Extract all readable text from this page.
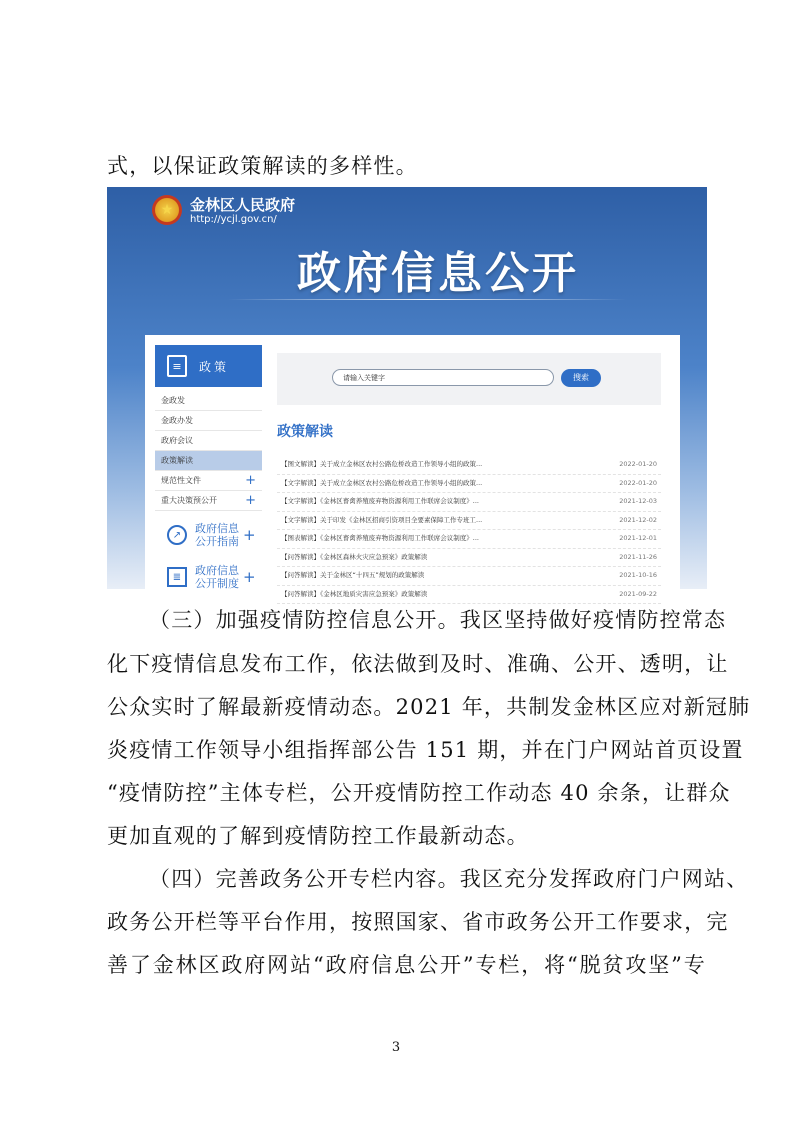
式，以保证政策解读的多样性。
★	金林区人民政府
http://ycjl.gov.cn/
政府信息公开
≡	政策
金政发
金政办发
政府会议
政策解读
规范性文件	+
重大决策预公开 +
↗	政府信息公开指南 +
≣	政府信息公开制度 +
请输入关键字	搜索
政策解读
【图文解读】关于成立金林区农村公路危桥改造工作领导小组的政策...	2022-01-20
【文字解读】关于成立金林区农村公路危桥改造工作领导小组的政策...	2022-01-20
【文字解读】《金林区畜禽养殖废弃物资源利用工作联席会议制度》...	2021-12-03
【文字解读】关于印发《金林区招商引资项目全要素保障工作专班工...	2021-12-02
【图表解读】《金林区畜禽养殖废弃物资源利用工作联席会议制度》...	2021-12-01
【问答解读】《金林区森林火灾应急预案》政策解读	2021-11-26
【问答解读】关于金林区“十四五”规划的政策解读	2021-10-16
【问答解读】《金林区地质灾害应急预案》政策解读	2021-09-22
（三）加强疫情防控信息公开。我区坚持做好疫情防控常态
化下疫情信息发布工作，依法做到及时、准确、公开、透明，让
公众实时了解最新疫情动态。2021 年，共制发金林区应对新冠肺
炎疫情工作领导小组指挥部公告 151 期，并在门户网站首页设置
“疫情防控”主体专栏，公开疫情防控工作动态 40 余条，让群众
更加直观的了解到疫情防控工作最新动态。
（四）完善政务公开专栏内容。我区充分发挥政府门户网站、
政务公开栏等平台作用，按照国家、省市政务公开工作要求，完
善了金林区政府网站“政府信息公开”专栏，将“脱贫攻坚”专
3
